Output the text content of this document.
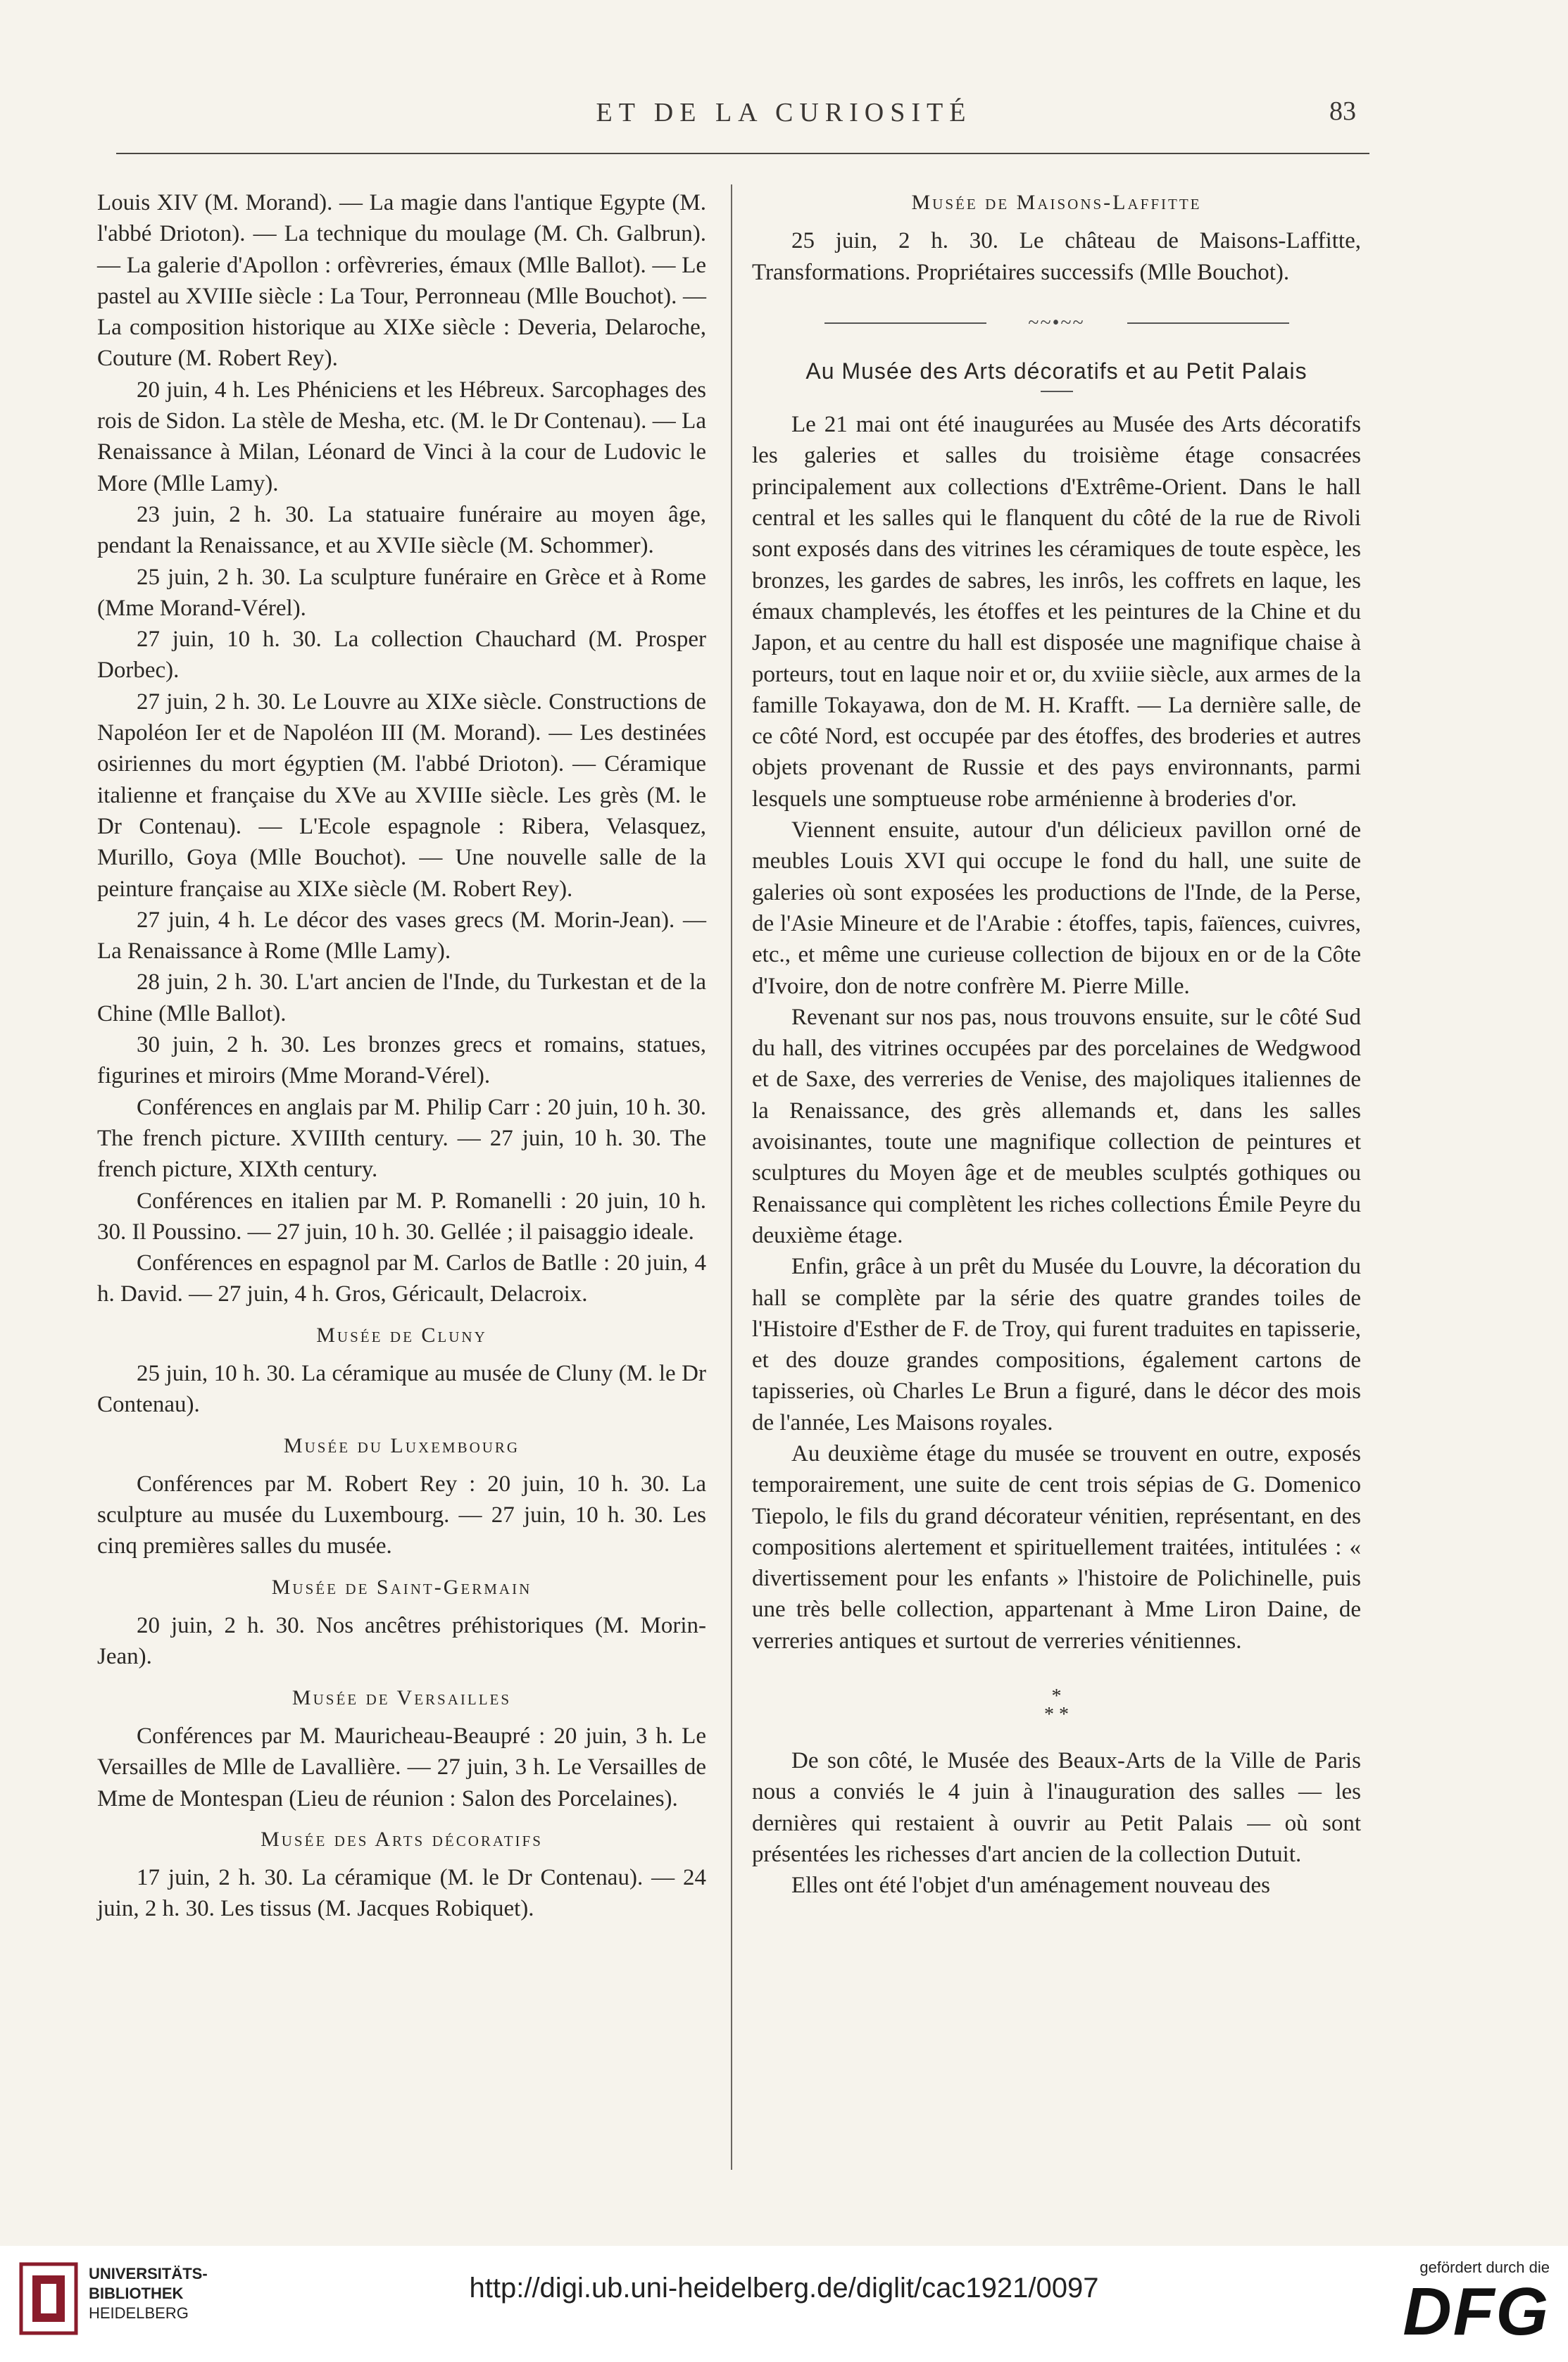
ET DE LA CURIOSITÉ	83

Louis XIV (M. Morand). — La magie dans l'antique Egypte (M. l'abbé Drioton). — La technique du moulage (M. Ch. Galbrun). — La galerie d'Apollon : orfèvreries, émaux (Mlle Ballot). — Le pastel au XVIIIe siècle : La Tour, Perronneau (Mlle Bouchot). — La composition historique au XIXe siècle : Deveria, Delaroche, Couture (M. Robert Rey).

20 juin, 4 h. Les Phéniciens et les Hébreux. Sarcophages des rois de Sidon. La stèle de Mesha, etc. (M. le Dr Contenau). — La Renaissance à Milan, Léonard de Vinci à la cour de Ludovic le More (Mlle Lamy).

23 juin, 2 h. 30. La statuaire funéraire au moyen âge, pendant la Renaissance, et au XVIIe siècle (M. Schommer).

25 juin, 2 h. 30. La sculpture funéraire en Grèce et à Rome (Mme Morand-Vérel).

27 juin, 10 h. 30. La collection Chauchard (M. Prosper Dorbec).

27 juin, 2 h. 30. Le Louvre au XIXe siècle. Constructions de Napoléon Ier et de Napoléon III (M. Morand). — Les destinées osiriennes du mort égyptien (M. l'abbé Drioton). — Céramique italienne et française du XVe au XVIIIe siècle. Les grès (M. le Dr Contenau). — L'Ecole espagnole : Ribera, Velasquez, Murillo, Goya (Mlle Bouchot). — Une nouvelle salle de la peinture française au XIXe siècle (M. Robert Rey).

27 juin, 4 h. Le décor des vases grecs (M. Morin-Jean). — La Renaissance à Rome (Mlle Lamy).

28 juin, 2 h. 30. L'art ancien de l'Inde, du Turkestan et de la Chine (Mlle Ballot).

30 juin, 2 h. 30. Les bronzes grecs et romains, statues, figurines et miroirs (Mme Morand-Vérel).

Conférences en anglais par M. Philip Carr : 20 juin, 10 h. 30. The french picture. XVIIIth century. — 27 juin, 10 h. 30. The french picture, XIXth century.

Conférences en italien par M. P. Romanelli : 20 juin, 10 h. 30. Il Poussino. — 27 juin, 10 h. 30. Gellée ; il paisaggio ideale.

Conférences en espagnol par M. Carlos de Batlle : 20 juin, 4 h. David. — 27 juin, 4 h. Gros, Géricault, Delacroix.

Musée de Cluny

25 juin, 10 h. 30. La céramique au musée de Cluny (M. le Dr Contenau).

Musée du Luxembourg

Conférences par M. Robert Rey : 20 juin, 10 h. 30. La sculpture au musée du Luxembourg. — 27 juin, 10 h. 30. Les cinq premières salles du musée.

Musée de Saint-Germain

20 juin, 2 h. 30. Nos ancêtres préhistoriques (M. Morin-Jean).

Musée de Versailles

Conférences par M. Mauricheau-Beaupré : 20 juin, 3 h. Le Versailles de Mlle de Lavallière. — 27 juin, 3 h. Le Versailles de Mme de Montespan (Lieu de réunion : Salon des Porcelaines).

Musée des Arts décoratifs

17 juin, 2 h. 30. La céramique (M. le Dr Contenau). — 24 juin, 2 h. 30. Les tissus (M. Jacques Robiquet).

Musée de Maisons-Laffitte

25 juin, 2 h. 30. Le château de Maisons-Laffitte, Transformations. Propriétaires successifs (Mlle Bouchot).

~~•~~
Au Musée des Arts décoratifs et au Petit Palais

Le 21 mai ont été inaugurées au Musée des Arts décoratifs les galeries et salles du troisième étage consacrées principalement aux collections d'Extrême-Orient. Dans le hall central et les salles qui le flanquent du côté de la rue de Rivoli sont exposés dans des vitrines les céramiques de toute espèce, les bronzes, les gardes de sabres, les inrôs, les coffrets en laque, les émaux champlevés, les étoffes et les peintures de la Chine et du Japon, et au centre du hall est disposée une magnifique chaise à porteurs, tout en laque noir et or, du xviiie siècle, aux armes de la famille Tokayawa, don de M. H. Krafft. — La dernière salle, de ce côté Nord, est occupée par des étoffes, des broderies et autres objets provenant de Russie et des pays environnants, parmi lesquels une somptueuse robe arménienne à broderies d'or.

Viennent ensuite, autour d'un délicieux pavillon orné de meubles Louis XVI qui occupe le fond du hall, une suite de galeries où sont exposées les productions de l'Inde, de la Perse, de l'Asie Mineure et de l'Arabie : étoffes, tapis, faïences, cuivres, etc., et même une curieuse collection de bijoux en or de la Côte d'Ivoire, don de notre confrère M. Pierre Mille.

Revenant sur nos pas, nous trouvons ensuite, sur le côté Sud du hall, des vitrines occupées par des porcelaines de Wedgwood et de Saxe, des verreries de Venise, des majoliques italiennes de la Renaissance, des grès allemands et, dans les salles avoisinantes, toute une magnifique collection de peintures et sculptures du Moyen âge et de meubles sculptés gothiques ou Renaissance qui complètent les riches collections Émile Peyre du deuxième étage.

Enfin, grâce à un prêt du Musée du Louvre, la décoration du hall se complète par la série des quatre grandes toiles de l'Histoire d'Esther de F. de Troy, qui furent traduites en tapisserie, et des douze grandes compositions, également cartons de tapisseries, où Charles Le Brun a figuré, dans le décor des mois de l'année, Les Maisons royales.

Au deuxième étage du musée se trouvent en outre, exposés temporairement, une suite de cent trois sépias de G. Domenico Tiepolo, le fils du grand décorateur vénitien, représentant, en des compositions alertement et spirituellement traitées, intitulées : « divertissement pour les enfants » l'histoire de Polichinelle, puis une très belle collection, appartenant à Mme Liron Daine, de verreries antiques et surtout de verreries vénitiennes.

*
* *

De son côté, le Musée des Beaux-Arts de la Ville de Paris nous a conviés le 4 juin à l'inauguration des salles — les dernières qui restaient à ouvrir au Petit Palais — où sont présentées les richesses d'art ancien de la collection Dutuit.

Elles ont été l'objet d'un aménagement nouveau des

UNIVERSITÄTS-
BIBLIOTHEK
HEIDELBERG
http://digi.ub.uni-heidelberg.de/diglit/cac1921/0097
gefördert durch die
DFG
